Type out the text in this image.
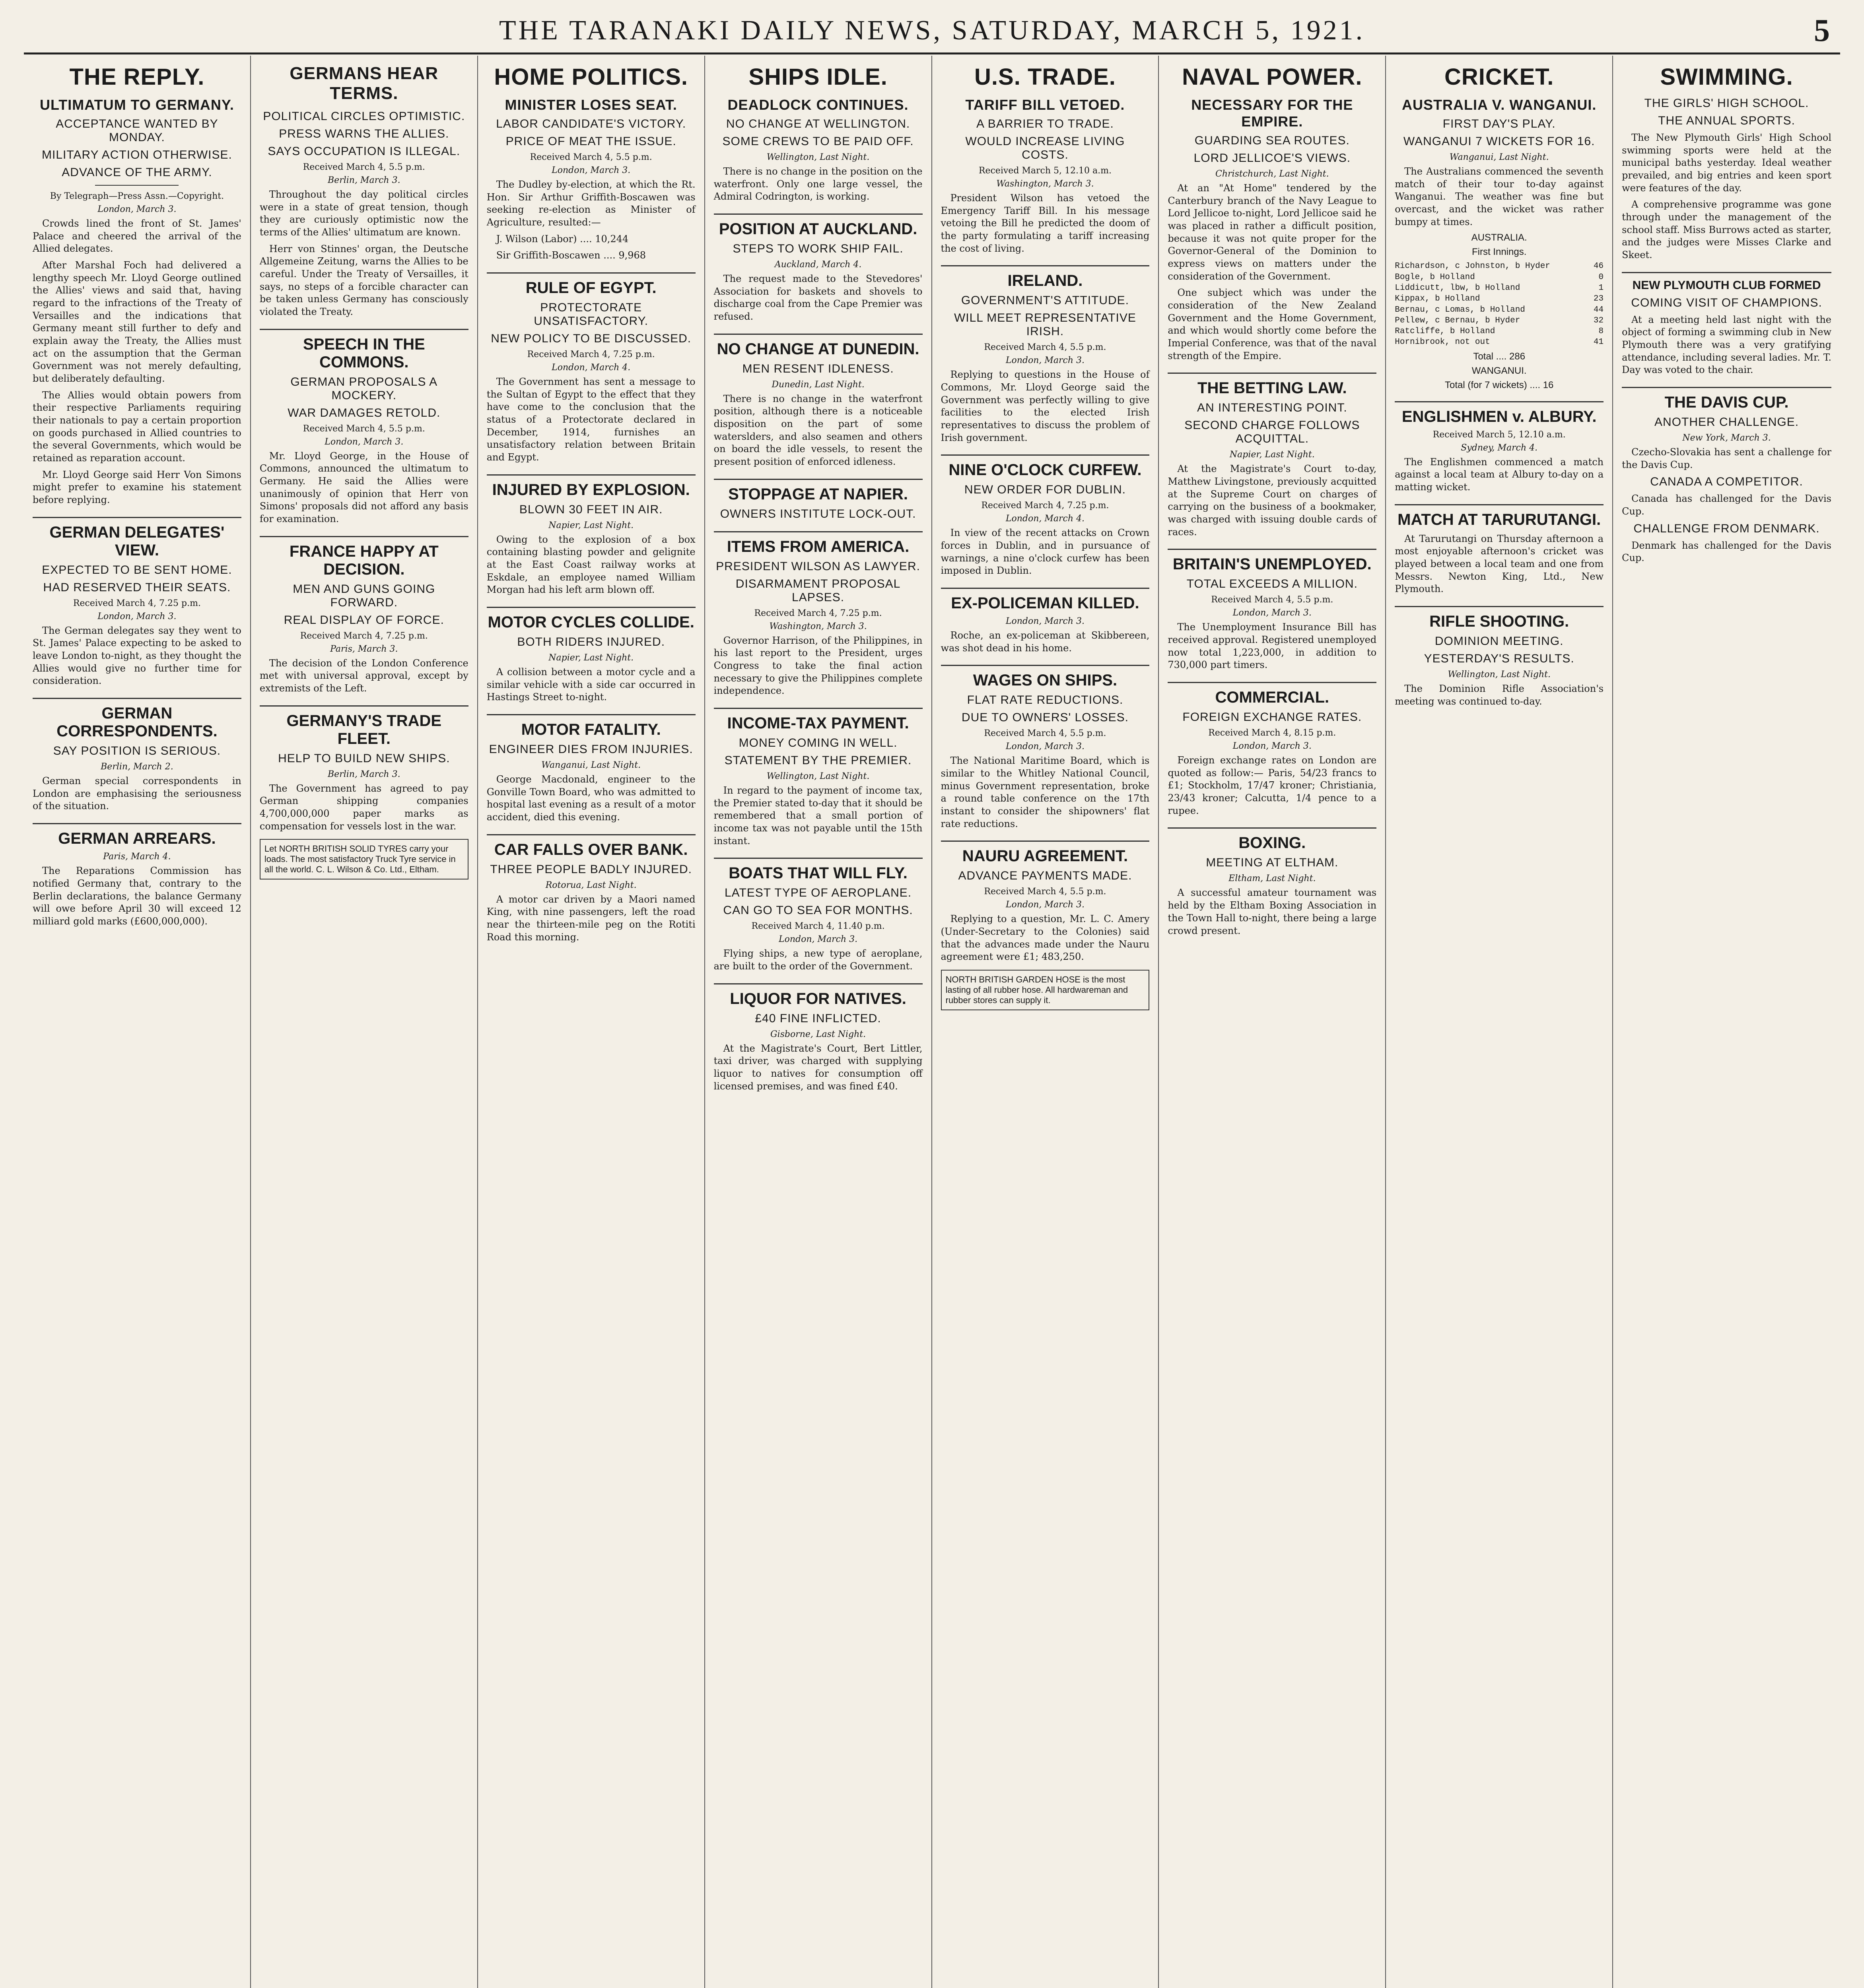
THE TARANAKI DAILY NEWS, SATURDAY, MARCH 5, 1921.	5
THE REPLY.
ULTIMATUM TO GERMANY.
ACCEPTANCE WANTED BY MONDAY.
MILITARY ACTION OTHERWISE.
ADVANCE OF THE ARMY.
By Telegraph—Press Assn.—Copyright.
London, March 3.

Crowds lined the front of St. James' Palace and cheered the arrival of the Allied delegates.

After Marshal Foch had delivered a lengthy speech Mr. Lloyd George outlined the Allies' views and said that, having regard to the infractions of the Treaty of Versailles and the indications that Germany meant still further to defy and explain away the Treaty, the Allies must act on the assumption that the German Government was not merely defaulting, but deliberately defaulting.

The Allies would obtain powers from their respective Parliaments requiring their nationals to pay a certain proportion on goods purchased in Allied countries to the several Governments, which would be retained as reparation account.

Mr. Lloyd George said Herr Von Simons might prefer to examine his statement before replying.

GERMAN DELEGATES' VIEW.
EXPECTED TO BE SENT HOME.
HAD RESERVED THEIR SEATS.
Received March 4, 7.25 p.m.
London, March 3.

The German delegates say they went to St. James' Palace expecting to be asked to leave London to-night, as they thought the Allies would give no further time for consideration.

GERMAN CORRESPONDENTS.
SAY POSITION IS SERIOUS.
Berlin, March 2.

German special correspondents in London are emphasising the seriousness of the situation.

GERMAN ARREARS.
Paris, March 4.

The Reparations Commission has notified Germany that, contrary to the Berlin declarations, the balance Germany will owe before April 30 will exceed 12 milliard gold marks (£600,000,000).

GERMANS HEAR TERMS.
POLITICAL CIRCLES OPTIMISTIC.
PRESS WARNS THE ALLIES.
SAYS OCCUPATION IS ILLEGAL.
Received March 4, 5.5 p.m.
Berlin, March 3.

Throughout the day political circles were in a state of great tension, though they are curiously optimistic now the terms of the Allies' ultimatum are known.

Herr von Stinnes' organ, the Deutsche Allgemeine Zeitung, warns the Allies to be careful. Under the Treaty of Versailles, it says, no steps of a forcible character can be taken unless Germany has consciously violated the Treaty.

SPEECH IN THE COMMONS.
GERMAN PROPOSALS A MOCKERY.
WAR DAMAGES RETOLD.
Received March 4, 5.5 p.m.
London, March 3.

Mr. Lloyd George, in the House of Commons, announced the ultimatum to Germany. He said the Allies were unanimously of opinion that Herr von Simons' proposals did not afford any basis for examination.

FRANCE HAPPY AT DECISION.
MEN AND GUNS GOING FORWARD.
REAL DISPLAY OF FORCE.
Received March 4, 7.25 p.m.
Paris, March 3.

The decision of the London Conference met with universal approval, except by extremists of the Left.

GERMANY'S TRADE FLEET.
HELP TO BUILD NEW SHIPS.
Berlin, March 3.

The Government has agreed to pay German shipping companies 4,700,000,000 paper marks as compensation for vessels lost in the war.

Let NORTH BRITISH SOLID TYRES carry your loads. The most satisfactory Truck Tyre service in all the world. C. L. Wilson & Co. Ltd., Eltham.
HOME POLITICS.
MINISTER LOSES SEAT.
LABOR CANDIDATE'S VICTORY.
PRICE OF MEAT THE ISSUE.
Received March 4, 5.5 p.m.
London, March 3.

The Dudley by-election, at which the Rt. Hon. Sir Arthur Griffith-Boscawen was seeking re-election as Minister of Agriculture, resulted:—

J. Wilson (Labor) .... 10,244

Sir Griffith-Boscawen .... 9,968

RULE OF EGYPT.
PROTECTORATE UNSATISFACTORY.
NEW POLICY TO BE DISCUSSED.
Received March 4, 7.25 p.m.
London, March 4.

The Government has sent a message to the Sultan of Egypt to the effect that they have come to the conclusion that the status of a Protectorate declared in December, 1914, furnishes an unsatisfactory relation between Britain and Egypt.

INJURED BY EXPLOSION.
BLOWN 30 FEET IN AIR.
Napier, Last Night.

Owing to the explosion of a box containing blasting powder and gelignite at the East Coast railway works at Eskdale, an employee named William Morgan had his left arm blown off.

MOTOR CYCLES COLLIDE.
BOTH RIDERS INJURED.
Napier, Last Night.

A collision between a motor cycle and a similar vehicle with a side car occurred in Hastings Street to-night.

MOTOR FATALITY.
ENGINEER DIES FROM INJURIES.
Wanganui, Last Night.

George Macdonald, engineer to the Gonville Town Board, who was admitted to hospital last evening as a result of a motor accident, died this evening.

CAR FALLS OVER BANK.
THREE PEOPLE BADLY INJURED.
Rotorua, Last Night.

A motor car driven by a Maori named King, with nine passengers, left the road near the thirteen-mile peg on the Rotiti Road this morning.

SHIPS IDLE.
DEADLOCK CONTINUES.
NO CHANGE AT WELLINGTON.
SOME CREWS TO BE PAID OFF.
Wellington, Last Night.

There is no change in the position on the waterfront. Only one large vessel, the Admiral Codrington, is working.

POSITION AT AUCKLAND.
STEPS TO WORK SHIP FAIL.
Auckland, March 4.

The request made to the Stevedores' Association for baskets and shovels to discharge coal from the Cape Premier was refused.

NO CHANGE AT DUNEDIN.
MEN RESENT IDLENESS.
Dunedin, Last Night.

There is no change in the waterfront position, although there is a noticeable disposition on the part of some waterslders, and also seamen and others on board the idle vessels, to resent the present position of enforced idleness.

STOPPAGE AT NAPIER.
OWNERS INSTITUTE LOCK-OUT.
ITEMS FROM AMERICA.
PRESIDENT WILSON AS LAWYER.
DISARMAMENT PROPOSAL LAPSES.
Received March 4, 7.25 p.m.
Washington, March 3.

Governor Harrison, of the Philippines, in his last report to the President, urges Congress to take the final action necessary to give the Philippines complete independence.

INCOME-TAX PAYMENT.
MONEY COMING IN WELL.
STATEMENT BY THE PREMIER.
Wellington, Last Night.

In regard to the payment of income tax, the Premier stated to-day that it should be remembered that a small portion of income tax was not payable until the 15th instant.

BOATS THAT WILL FLY.
LATEST TYPE OF AEROPLANE.
CAN GO TO SEA FOR MONTHS.
Received March 4, 11.40 p.m.
London, March 3.

Flying ships, a new type of aeroplane, are built to the order of the Government.

LIQUOR FOR NATIVES.
£40 FINE INFLICTED.
Gisborne, Last Night.

At the Magistrate's Court, Bert Littler, taxi driver, was charged with supplying liquor to natives for consumption off licensed premises, and was fined £40.

U.S. TRADE.
TARIFF BILL VETOED.
A BARRIER TO TRADE.
WOULD INCREASE LIVING COSTS.
Received March 5, 12.10 a.m.
Washington, March 3.

President Wilson has vetoed the Emergency Tariff Bill. In his message vetoing the Bill he predicted the doom of the party formulating a tariff increasing the cost of living.

IRELAND.
GOVERNMENT'S ATTITUDE.
WILL MEET REPRESENTATIVE IRISH.
Received March 4, 5.5 p.m.
London, March 3.

Replying to questions in the House of Commons, Mr. Lloyd George said the Government was perfectly willing to give facilities to the elected Irish representatives to discuss the problem of Irish government.

NINE O'CLOCK CURFEW.
NEW ORDER FOR DUBLIN.
Received March 4, 7.25 p.m.
London, March 4.

In view of the recent attacks on Crown forces in Dublin, and in pursuance of warnings, a nine o'clock curfew has been imposed in Dublin.

EX-POLICEMAN KILLED.
London, March 3.

Roche, an ex-policeman at Skibbereen, was shot dead in his home.

WAGES ON SHIPS.
FLAT RATE REDUCTIONS.
DUE TO OWNERS' LOSSES.
Received March 4, 5.5 p.m.
London, March 3.

The National Maritime Board, which is similar to the Whitley National Council, minus Government representation, broke a round table conference on the 17th instant to consider the shipowners' flat rate reductions.

NAURU AGREEMENT.
ADVANCE PAYMENTS MADE.
Received March 4, 5.5 p.m.
London, March 3.

Replying to a question, Mr. L. C. Amery (Under-Secretary to the Colonies) said that the advances made under the Nauru agreement were £1; 483,250.

NORTH BRITISH GARDEN HOSE is the most lasting of all rubber hose. All hardwareman and rubber stores can supply it.
NAVAL POWER.
NECESSARY FOR THE EMPIRE.
GUARDING SEA ROUTES.
LORD JELLICOE'S VIEWS.
Christchurch, Last Night.

At an "At Home" tendered by the Canterbury branch of the Navy League to Lord Jellicoe to-night, Lord Jellicoe said he was placed in rather a difficult position, because it was not quite proper for the Governor-General of the Dominion to express views on matters under the consideration of the Government.

One subject which was under the consideration of the New Zealand Government and the Home Government, and which would shortly come before the Imperial Conference, was that of the naval strength of the Empire.

THE BETTING LAW.
AN INTERESTING POINT.
SECOND CHARGE FOLLOWS ACQUITTAL.
Napier, Last Night.

At the Magistrate's Court to-day, Matthew Livingstone, previously acquitted at the Supreme Court on charges of carrying on the business of a bookmaker, was charged with issuing double cards of races.

BRITAIN'S UNEMPLOYED.
TOTAL EXCEEDS A MILLION.
Received March 4, 5.5 p.m.
London, March 3.

The Unemployment Insurance Bill has received approval. Registered unemployed now total 1,223,000, in addition to 730,000 part timers.

COMMERCIAL.
FOREIGN EXCHANGE RATES.
Received March 4, 8.15 p.m.
London, March 3.

Foreign exchange rates on London are quoted as follow:— Paris, 54/23 francs to £1; Stockholm, 17/47 kroner; Christiania, 23/43 kroner; Calcutta, 1/4 pence to a rupee.

BOXING.
MEETING AT ELTHAM.
Eltham, Last Night.

A successful amateur tournament was held by the Eltham Boxing Association in the Town Hall to-night, there being a large crowd present.

CRICKET.
AUSTRALIA V. WANGANUI.
FIRST DAY'S PLAY.
WANGANUI 7 WICKETS FOR 16.
Wanganui, Last Night.

The Australians commenced the seventh match of their tour to-day against Wanganui. The weather was fine but overcast, and the wicket was rather bumpy at times.

AUSTRALIA.
First Innings.
Richardson, c Johnston, b Hyder	46
Bogle, b Holland	0
Liddicutt, lbw, b Holland	1
Kippax, b Holland	23
Bernau, c Lomas, b Holland	44
Pellew, c Bernau, b Hyder	32
Ratcliffe, b Holland	8
Hornibrook, not out	41
Total .... 286
WANGANUI.
Total (for 7 wickets) .... 16
ENGLISHMEN v. ALBURY.
Received March 5, 12.10 a.m.
Sydney, March 4.

The Englishmen commenced a match against a local team at Albury to-day on a matting wicket.

MATCH AT TARURUTANGI.

At Tarurutangi on Thursday afternoon a most enjoyable afternoon's cricket was played between a local team and one from Messrs. Newton King, Ltd., New Plymouth.

RIFLE SHOOTING.
DOMINION MEETING.
YESTERDAY'S RESULTS.
Wellington, Last Night.

The Dominion Rifle Association's meeting was continued to-day.

SWIMMING.
THE GIRLS' HIGH SCHOOL.
THE ANNUAL SPORTS.

The New Plymouth Girls' High School swimming sports were held at the municipal baths yesterday. Ideal weather prevailed, and big entries and keen sport were features of the day.

A comprehensive programme was gone through under the management of the school staff. Miss Burrows acted as starter, and the judges were Misses Clarke and Skeet.

NEW PLYMOUTH CLUB FORMED
COMING VISIT OF CHAMPIONS.

At a meeting held last night with the object of forming a swimming club in New Plymouth there was a very gratifying attendance, including several ladies. Mr. T. Day was voted to the chair.

THE DAVIS CUP.
ANOTHER CHALLENGE.
New York, March 3.

Czecho-Slovakia has sent a challenge for the Davis Cup.

CANADA A COMPETITOR.

Canada has challenged for the Davis Cup.

CHALLENGE FROM DENMARK.

Denmark has challenged for the Davis Cup.
